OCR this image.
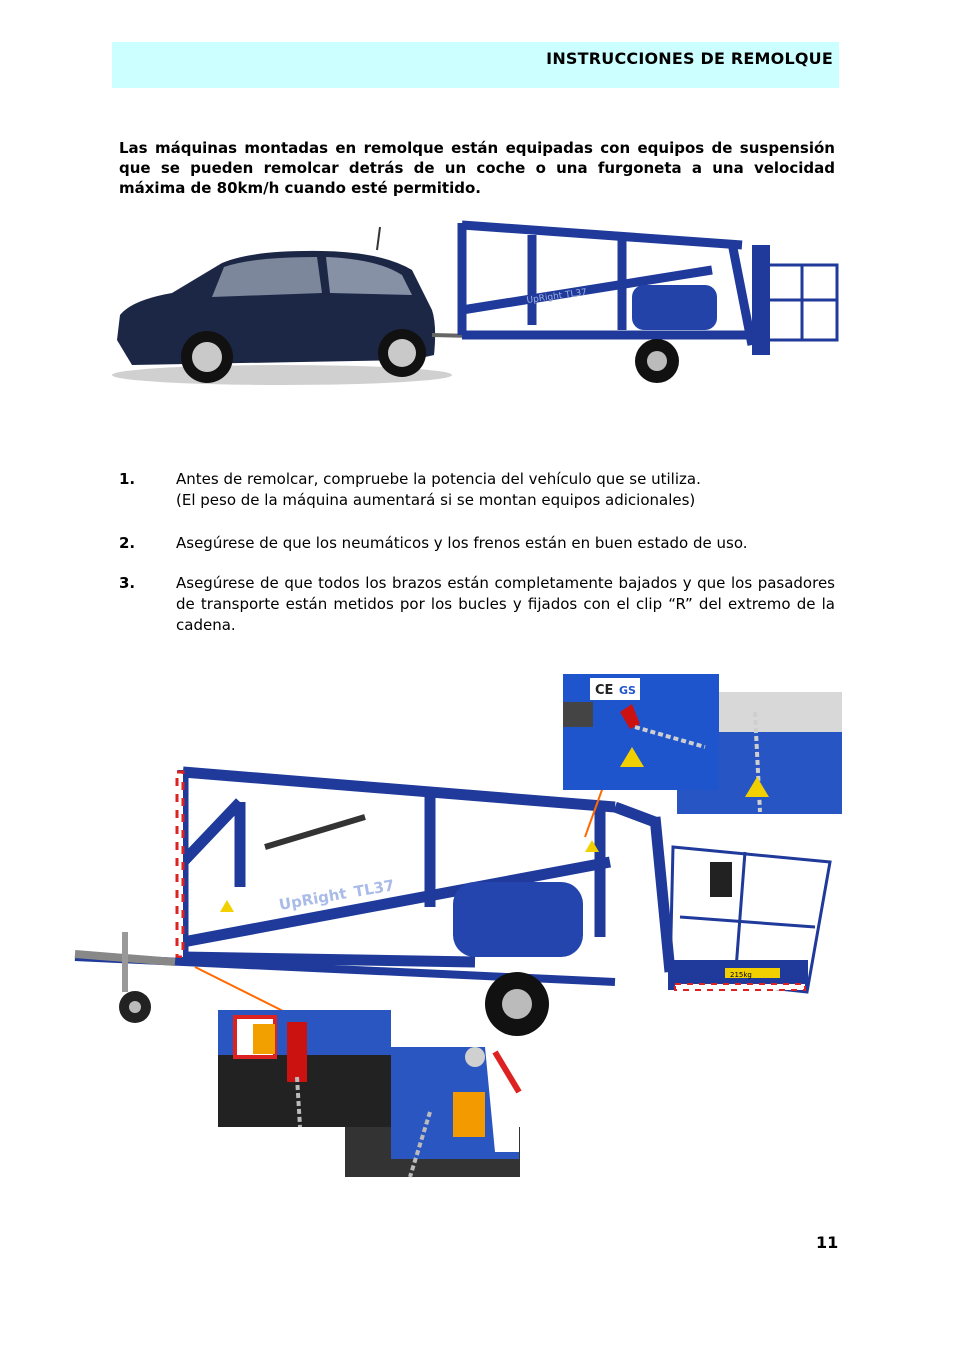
INSTRUCCIONES DE REMOLQUE

Las máquinas montadas en remolque están equipadas con equipos de suspensión que se pueden remolcar detrás de un coche o una furgoneta a una velocidad máxima de 80km/h cuando esté permitido.

UpRight TL37
1.	Antes de remolcar, compruebe la potencia del vehículo que se utiliza.
(El peso de la máquina aumentará si se montan equipos adicionales)
2.	Asegúrese de que los neumáticos y los frenos están en buen estado de uso.
3.	Asegúrese de que todos los brazos están completamente bajados y que los pasadores de transporte están metidos por los bucles y fijados con el clip “R” del extremo de la cadena.
UpRight TL37
215kg
CE GS
11
